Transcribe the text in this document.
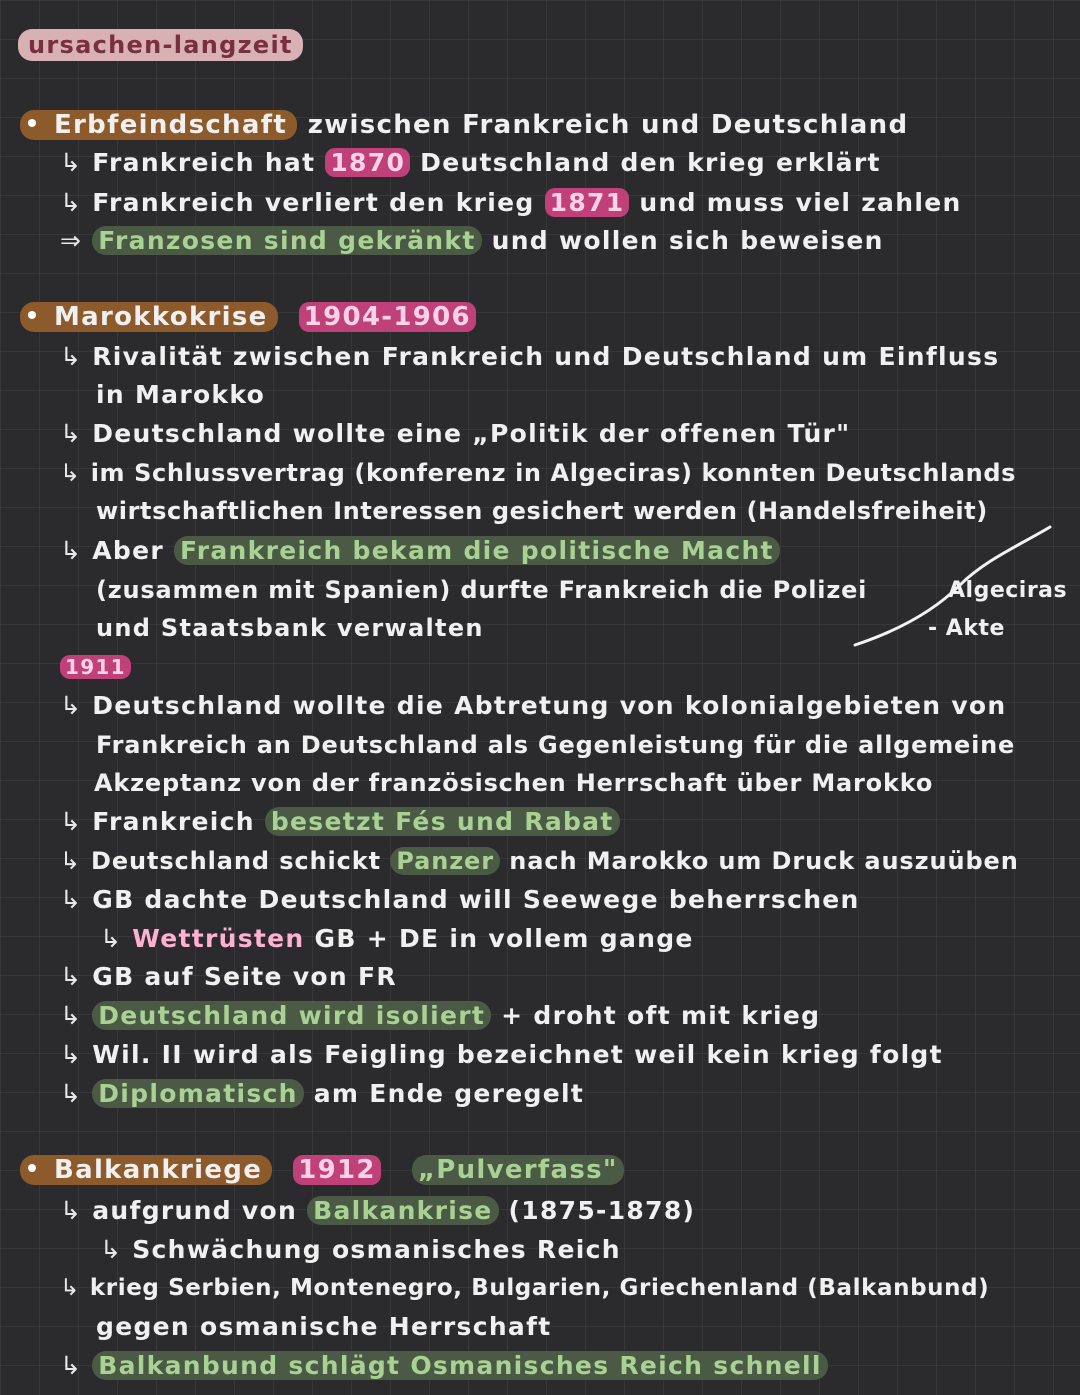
ursachen-langzeit
Erbfeindschaft  zwischen Frankreich und Deutschland
↳ Frankreich hat 1870 Deutschland den krieg erklärt
↳ Frankreich verliert den krieg 1871 und muss viel zahlen
⇒ Franzosen sind gekränkt und wollen sich beweisen
Marokkokrise 1904-1906
↳ Rivalität zwischen Frankreich und Deutschland um Einfluss
in Marokko
↳ Deutschland wollte eine „Politik der offenen Tür"
↳ im Schlussvertrag (konferenz in Algeciras) konnten Deutschlands
wirtschaftlichen Interessen gesichert werden (Handelsfreiheit)
↳ Aber Frankreich bekam die politische Macht
(zusammen mit Spanien) durfte Frankreich die Polizei
und Staatsbank verwalten
Algeciras
- Akte
1911
↳ Deutschland wollte die Abtretung von kolonialgebieten von
Frankreich an Deutschland als Gegenleistung für die allgemeine
Akzeptanz von der französischen Herrschaft über Marokko
↳ Frankreich besetzt Fés und Rabat
↳ Deutschland schickt Panzer nach Marokko um Druck auszuüben
↳ GB dachte Deutschland will Seewege beherrschen
↳ Wettrüsten GB + DE in vollem gange
↳ GB auf Seite von FR
↳ Deutschland wird isoliert + droht oft mit krieg
↳ Wil. II wird als Feigling bezeichnet weil kein krieg folgt
↳ Diplomatisch am Ende geregelt
Balkankriege 1912 „Pulverfass"
↳ aufgrund von Balkankrise (1875-1878)
↳ Schwächung osmanisches Reich
↳ krieg Serbien, Montenegro, Bulgarien, Griechenland (Balkanbund)
gegen osmanische Herrschaft
↳ Balkanbund schlägt Osmanisches Reich schnell
